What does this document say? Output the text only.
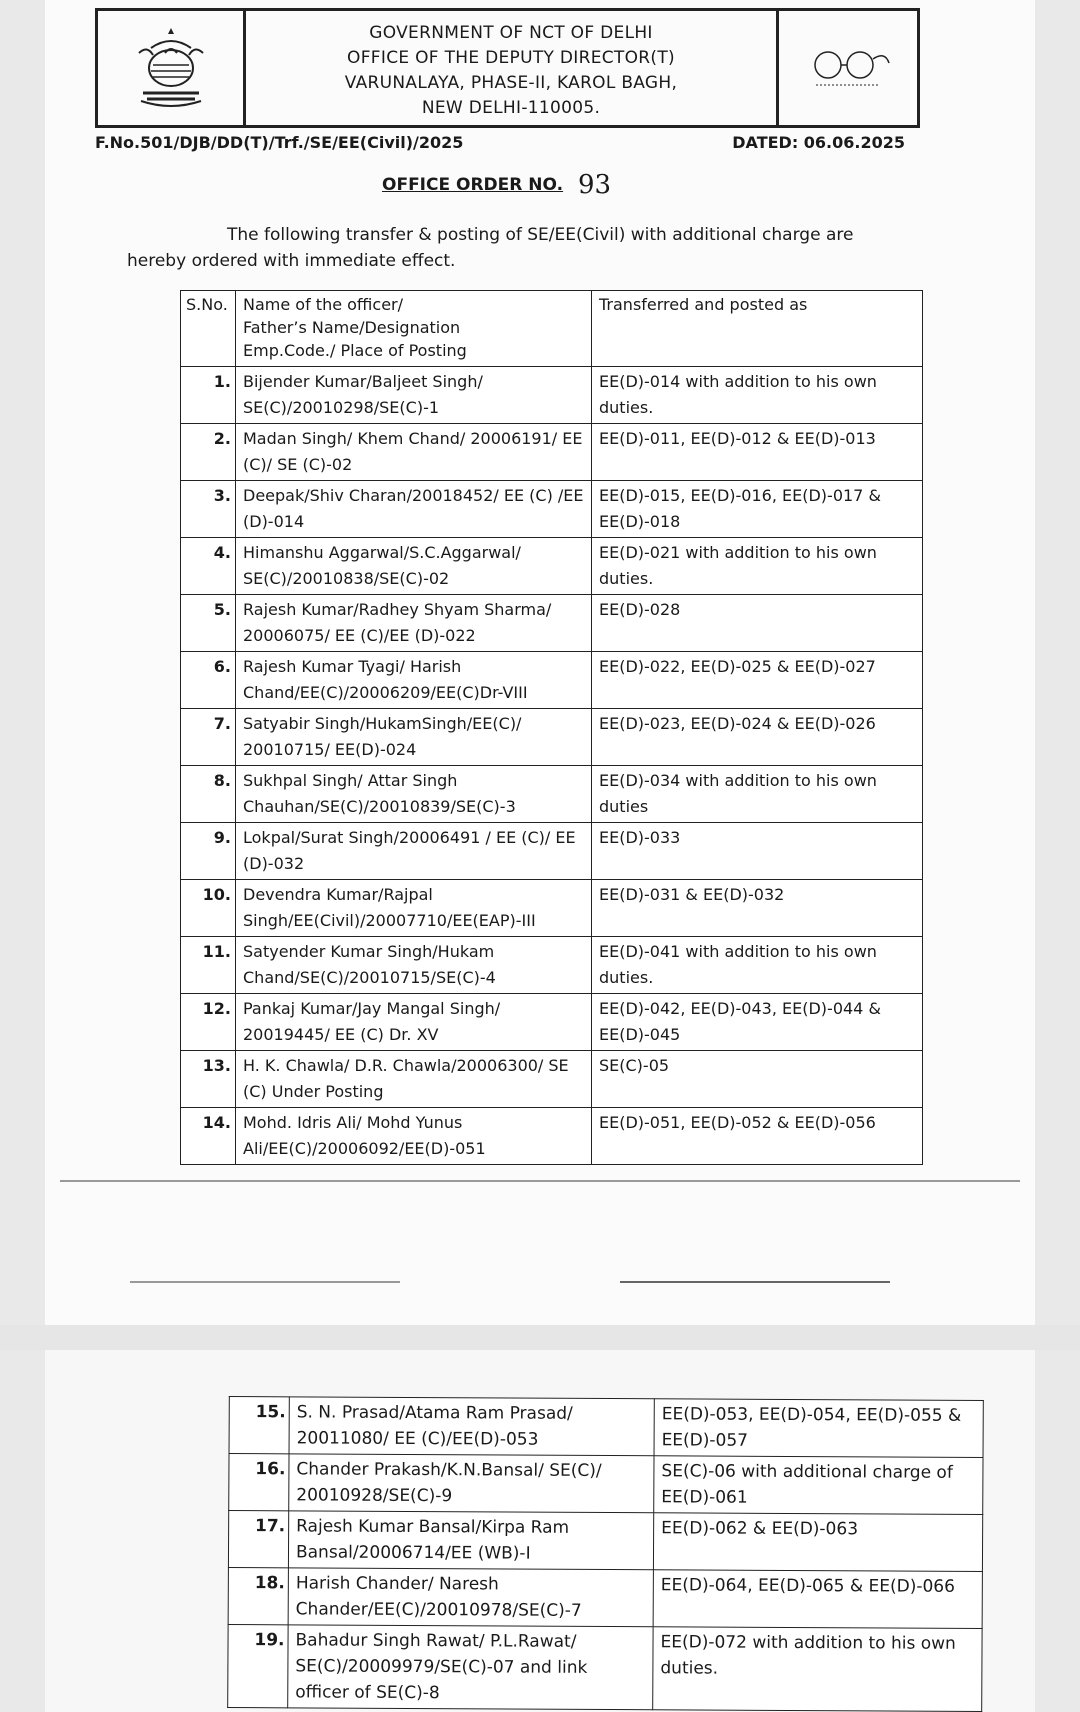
GOVERNMENT OF NCT OF DELHI
OFFICE OF THE DEPUTY DIRECTOR(T)
VARUNALAYA, PHASE-II, KAROL BAGH,
NEW DELHI-110005.
F.No.501/DJB/DD(T)/Trf./SE/EE(Civil)/2025	DATED: 06.06.2025
OFFICE ORDER NO. 93
The following transfer & posting of SE/EE(Civil) with additional charge are
hereby ordered with immediate effect.
S.No.	Name of the officer/
Father’s Name/Designation
Emp.Code./ Place of Posting	Transferred and posted as
1.	Bijender Kumar/Baljeet Singh/ SE(C)/20010298/SE(C)-1	EE(D)-014 with addition to his own duties.
2.	Madan Singh/ Khem Chand/ 20006191/ EE (C)/ SE (C)-02	EE(D)-011, EE(D)-012 & EE(D)-013
3.	Deepak/Shiv Charan/20018452/ EE (C) /EE (D)-014	EE(D)-015, EE(D)-016, EE(D)-017 & EE(D)-018
4.	Himanshu Aggarwal/S.C.Aggarwal/ SE(C)/20010838/SE(C)-02	EE(D)-021 with addition to his own duties.
5.	Rajesh Kumar/Radhey Shyam Sharma/ 20006075/ EE (C)/EE (D)-022	EE(D)-028
6.	Rajesh Kumar Tyagi/ Harish Chand/EE(C)/20006209/EE(C)Dr-VIII	EE(D)-022, EE(D)-025 & EE(D)-027
7.	Satyabir Singh/HukamSingh/EE(C)/ 20010715/ EE(D)-024	EE(D)-023, EE(D)-024 & EE(D)-026
8.	Sukhpal Singh/ Attar Singh Chauhan/SE(C)/20010839/SE(C)-3	EE(D)-034 with addition to his own duties
9.	Lokpal/Surat Singh/20006491 / EE (C)/ EE (D)-032	EE(D)-033
10.	Devendra Kumar/Rajpal Singh/EE(Civil)/20007710/EE(EAP)-III	EE(D)-031 & EE(D)-032
11.	Satyender Kumar Singh/Hukam Chand/SE(C)/20010715/SE(C)-4	EE(D)-041 with addition to his own duties.
12.	Pankaj Kumar/Jay Mangal Singh/ 20019445/ EE (C) Dr. XV	EE(D)-042, EE(D)-043, EE(D)-044 & EE(D)-045
13.	H. K. Chawla/ D.R. Chawla/20006300/ SE (C) Under Posting	SE(C)-05
14.	Mohd. Idris Ali/ Mohd Yunus Ali/EE(C)/20006092/EE(D)-051	EE(D)-051, EE(D)-052 & EE(D)-056
15.	S. N. Prasad/Atama Ram Prasad/ 20011080/ EE (C)/EE(D)-053	EE(D)-053, EE(D)-054, EE(D)-055 & EE(D)-057
16.	Chander Prakash/K.N.Bansal/ SE(C)/ 20010928/SE(C)-9	SE(C)-06 with additional charge of EE(D)-061
17.	Rajesh Kumar Bansal/Kirpa Ram Bansal/20006714/EE (WB)-I	EE(D)-062 & EE(D)-063
18.	Harish Chander/ Naresh Chander/EE(C)/20010978/SE(C)-7	EE(D)-064, EE(D)-065 & EE(D)-066
19.	Bahadur Singh Rawat/ P.L.Rawat/ SE(C)/20009979/SE(C)-07 and link officer of SE(C)-8	EE(D)-072 with addition to his own duties.
